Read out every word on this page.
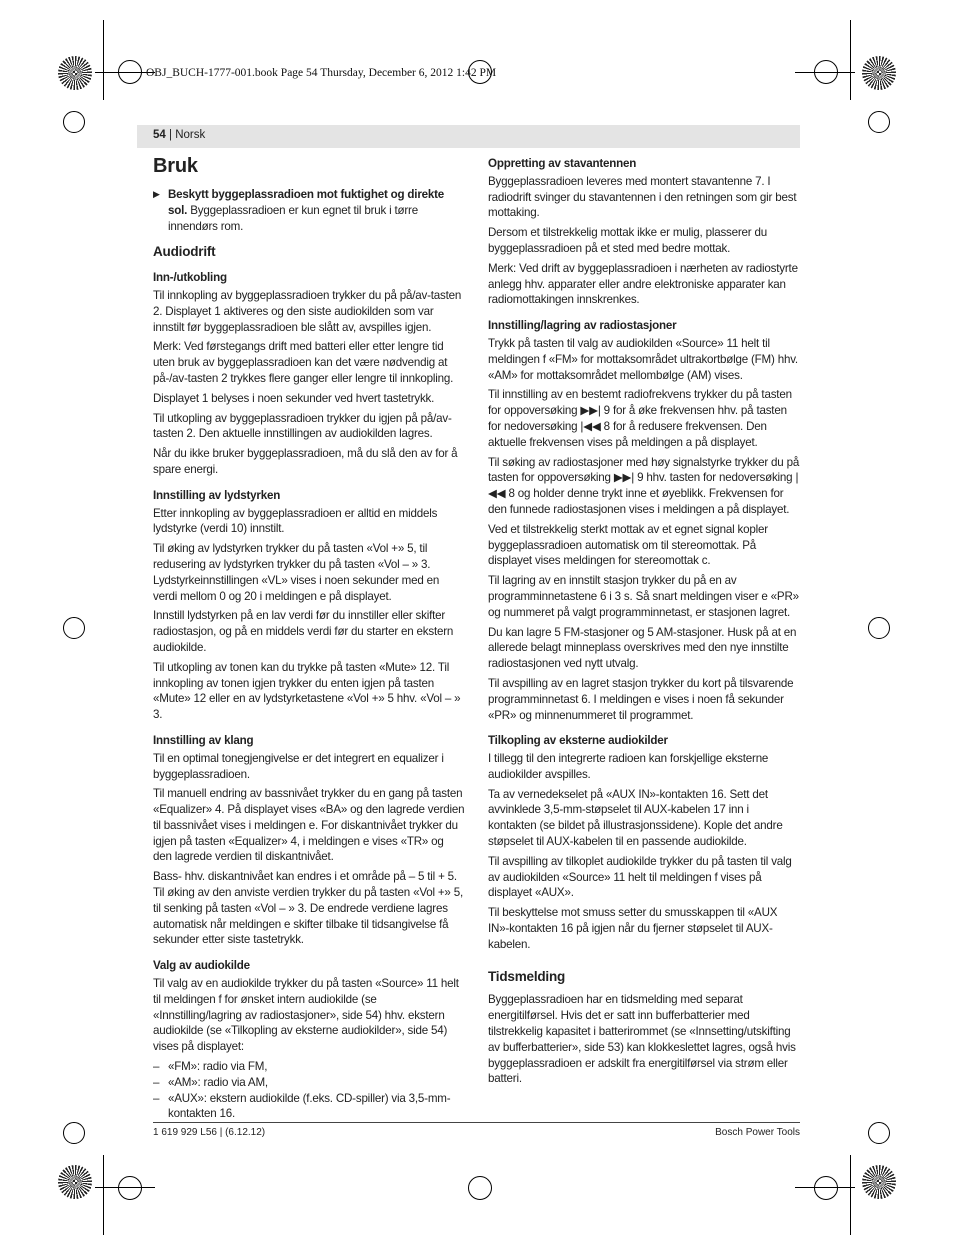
OBJ_BUCH-1777-001.book Page 54 Thursday, December 6, 2012 1:42 PM
54 | Norsk
Bruk

▶ Beskytt byggeplassradioen mot fuktighet og direkte sol. Byggeplassradioen er kun egnet til bruk i tørre innendørs rom.

Audiodrift
Inn-/utkobling

Til innkopling av byggeplassradioen trykker du på på/av-tasten 2. Displayet 1 aktiveres og den siste audiokilden som var innstilt før byggeplassradioen ble slått av, avspilles igjen.

Merk: Ved førstegangs drift med batteri eller etter lengre tid uten bruk av byggeplassradioen kan det være nødvendig at på-/av-tasten 2 trykkes flere ganger eller lengre til innkopling.

Displayet 1 belyses i noen sekunder ved hvert tastetrykk.

Til utkopling av byggeplassradioen trykker du igjen på på/av-tasten 2. Den aktuelle innstillingen av audiokilden lagres.

Når du ikke bruker byggeplassradioen, må du slå den av for å spare energi.

Innstilling av lydstyrken

Etter innkopling av byggeplassradioen er alltid en middels lydstyrke (verdi 10) innstilt.

Til øking av lydstyrken trykker du på tasten «Vol +» 5, til redusering av lydstyrken trykker du på tasten «Vol – » 3. Lydstyrkeinnstillingen «VL» vises i noen sekunder med en verdi mellom 0 og 20 i meldingen e på displayet.

Innstill lydstyrken på en lav verdi før du innstiller eller skifter radiostasjon, og på en middels verdi før du starter en ekstern audiokilde.

Til utkopling av tonen kan du trykke på tasten «Mute» 12. Til innkopling av tonen igjen trykker du enten igjen på tasten «Mute» 12 eller en av lydstyrketastene «Vol +» 5 hhv. «Vol – » 3.

Innstilling av klang

Til en optimal tonegjengivelse er det integrert en equalizer i byggeplassradioen.

Til manuell endring av bassnivået trykker du en gang på tasten «Equalizer» 4. På displayet vises «BA» og den lagrede verdien til bassnivået vises i meldingen e. For diskantnivået trykker du igjen på tasten «Equalizer» 4, i meldingen e vises «TR» og den lagrede verdien til diskantnivået.

Bass- hhv. diskantnivået kan endres i et område på – 5 til + 5. Til øking av den anviste verdien trykker du på tasten «Vol +» 5, til senking på tasten «Vol – » 3. De endrede verdiene lagres automatisk når meldingen e skifter tilbake til tidsangivelse få sekunder etter siste tastetrykk.

Valg av audiokilde

Til valg av en audiokilde trykker du på tasten «Source» 11 helt til meldingen f for ønsket intern audiokilde (se «Innstilling/lagring av radiostasjoner», side 54) hhv. ekstern audiokilde (se «Tilkopling av eksterne audiokilder», side 54) vises på displayet:

– «FM»: radio via FM,
– «AM»: radio via AM,
– «AUX»: ekstern audiokilde (f.eks. CD-spiller) via 3,5-mm-kontakten 16.
Oppretting av stavantennen

Byggeplassradioen leveres med montert stavantenne 7. I radiodrift svinger du stavantennen i den retningen som gir best mottaking.

Dersom et tilstrekkelig mottak ikke er mulig, plasserer du byggeplassradioen på et sted med bedre mottak.

Merk: Ved drift av byggeplassradioen i nærheten av radiostyrte anlegg hhv. apparater eller andre elektroniske apparater kan radiomottakingen innskrenkes.

Innstilling/lagring av radiostasjoner

Trykk på tasten til valg av audiokilden «Source» 11 helt til meldingen f «FM» for mottaksområdet ultrakortbølge (FM) hhv. «AM» for mottaksområdet mellombølge (AM) vises.

Til innstilling av en bestemt radiofrekvens trykker du på tasten for oppoversøking ▶▶| 9 for å øke frekvensen hhv. på tasten for nedoversøking |◀◀ 8 for å redusere frekvensen. Den aktuelle frekvensen vises på meldingen a på displayet.

Til søking av radiostasjoner med høy signalstyrke trykker du på tasten for oppoversøking ▶▶| 9 hhv. tasten for nedoversøking |◀◀ 8 og holder denne trykt inne et øyeblikk. Frekvensen for den funnede radiostasjonen vises i meldingen a på displayet.

Ved et tilstrekkelig sterkt mottak av et egnet signal kopler byggeplassradioen automatisk om til stereomottak. På displayet vises meldingen for stereomottak c.

Til lagring av en innstilt stasjon trykker du på en av programminnetastene 6 i 3 s. Så snart meldingen viser e «PR» og nummeret på valgt programminnetast, er stasjonen lagret.

Du kan lagre 5 FM-stasjoner og 5 AM-stasjoner. Husk på at en allerede belagt minneplass overskrives med den nye innstilte radiostasjonen ved nytt utvalg.

Til avspilling av en lagret stasjon trykker du kort på tilsvarende programminnetast 6. I meldingen e vises i noen få sekunder «PR» og minnenummeret til programmet.

Tilkopling av eksterne audiokilder

I tillegg til den integrerte radioen kan forskjellige eksterne audiokilder avspilles.

Ta av vernedekselet på «AUX IN»-kontakten 16. Sett det avvinklede 3,5-mm-støpselet til AUX-kabelen 17 inn i kontakten (se bildet på illustrasjonssidene). Kople det andre støpselet til AUX-kabelen til en passende audiokilde.

Til avspilling av tilkoplet audiokilde trykker du på tasten til valg av audiokilden «Source» 11 helt til meldingen f vises på displayet «AUX».

Til beskyttelse mot smuss setter du smusskappen til «AUX IN»-kontakten 16 på igjen når du fjerner støpselet til AUX-kabelen.

Tidsmelding

Byggeplassradioen har en tidsmelding med separat energitilførsel. Hvis det er satt inn bufferbatterier med tilstrekkelig kapasitet i batterirommet (se «Innsetting/utskifting av bufferbatterier», side 53) kan klokkeslettet lagres, også hvis byggeplassradioen er adskilt fra energitilførsel via strøm eller batteri.

1 619 929 L56 | (6.12.12)	Bosch Power Tools
